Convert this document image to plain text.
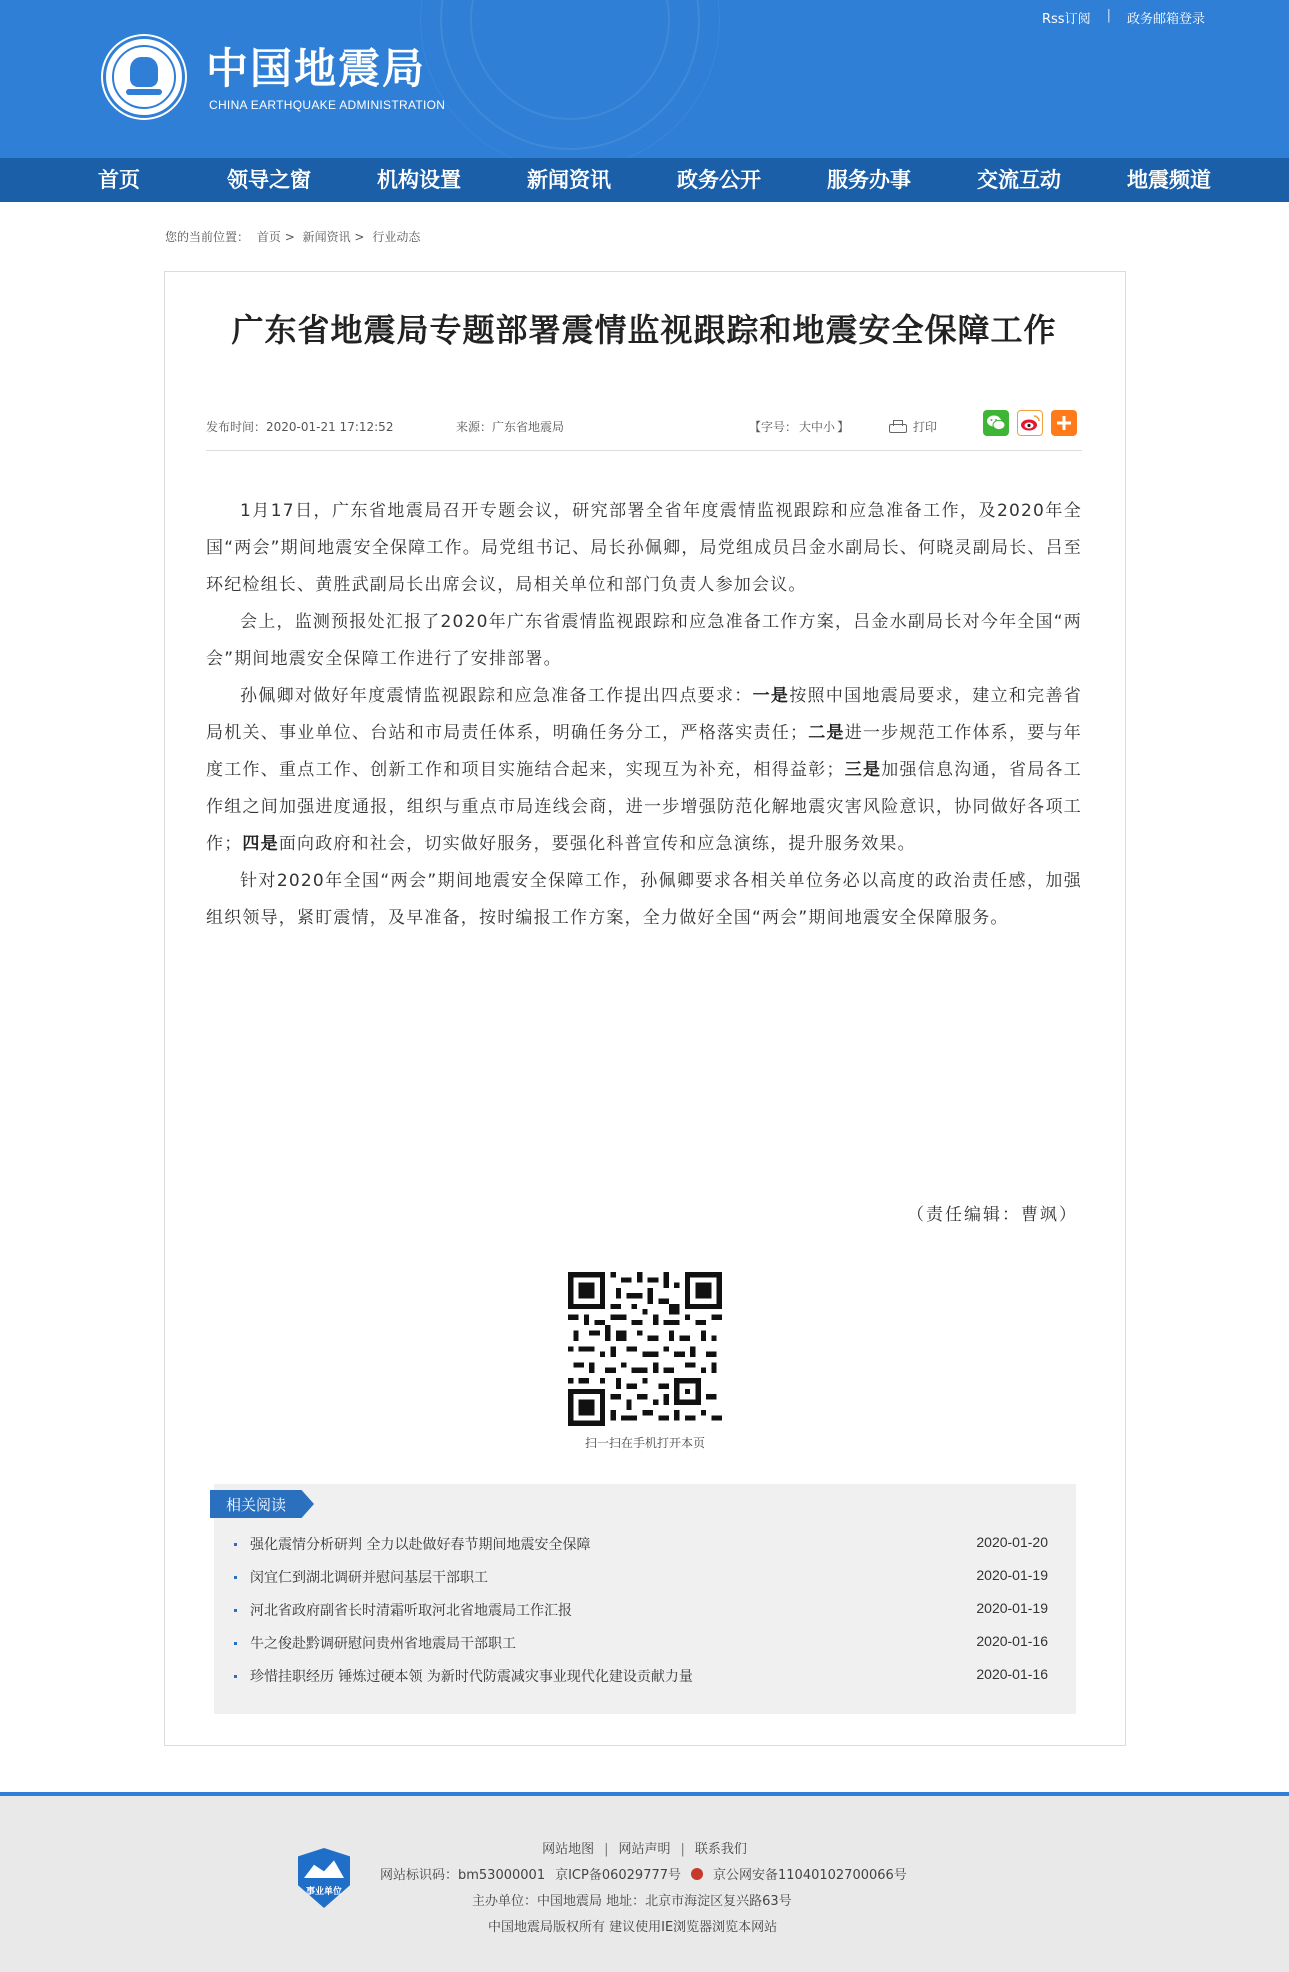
中国地震局
CHINA EARTHQUAKE ADMINISTRATION
Rss订阅 | 政务邮箱登录
首页	领导之窗	机构设置	新闻资讯	政务公开	服务办事	交流互动	地震频道
您的当前位置： 首页 > 新闻资讯 > 行业动态
广东省地震局专题部署震情监视跟踪和地震安全保障工作
发布时间：2020-01-21 17:12:52	来源：广东省地震局	【字号： 大中小 】	打印

1月17日，广东省地震局召开专题会议，研究部署全省年度震情监视跟踪和应急准备工作，及2020年全国“两会”期间地震安全保障工作。局党组书记、局长孙佩卿，局党组成员吕金水副局长、何晓灵副局长、吕至环纪检组长、黄胜武副局长出席会议，局相关单位和部门负责人参加会议。

会上，监测预报处汇报了2020年广东省震情监视跟踪和应急准备工作方案，吕金水副局长对今年全国“两会”期间地震安全保障工作进行了安排部署。

孙佩卿对做好年度震情监视跟踪和应急准备工作提出四点要求：一是按照中国地震局要求，建立和完善省局机关、事业单位、台站和市局责任体系，明确任务分工，严格落实责任；二是进一步规范工作体系，要与年度工作、重点工作、创新工作和项目实施结合起来，实现互为补充，相得益彰；三是加强信息沟通，省局各工作组之间加强进度通报，组织与重点市局连线会商，进一步增强防范化解地震灾害风险意识，协同做好各项工作；四是面向政府和社会，切实做好服务，要强化科普宣传和应急演练，提升服务效果。

针对2020年全国“两会”期间地震安全保障工作，孙佩卿要求各相关单位务必以高度的政治责任感，加强组织领导，紧盯震情，及早准备，按时编报工作方案，全力做好全国“两会”期间地震安全保障服务。

（责任编辑：曹飒）
扫一扫在手机打开本页
相关阅读
强化震情分析研判 全力以赴做好春节期间地震安全保障	2020-01-20
闵宜仁到湖北调研并慰问基层干部职工	2020-01-19
河北省政府副省长时清霜听取河北省地震局工作汇报	2020-01-19
牛之俊赴黔调研慰问贵州省地震局干部职工	2020-01-16
珍惜挂职经历 锤炼过硬本领 为新时代防震减灾事业现代化建设贡献力量	2020-01-16
网站地图 | 网站声明 | 联系我们
事业单位
网站标识码：bm53000001 京ICP备06029777号 京公网安备11040102700066号
主办单位：中国地震局 地址：北京市海淀区复兴路63号
中国地震局版权所有 建议使用IE浏览器浏览本网站
